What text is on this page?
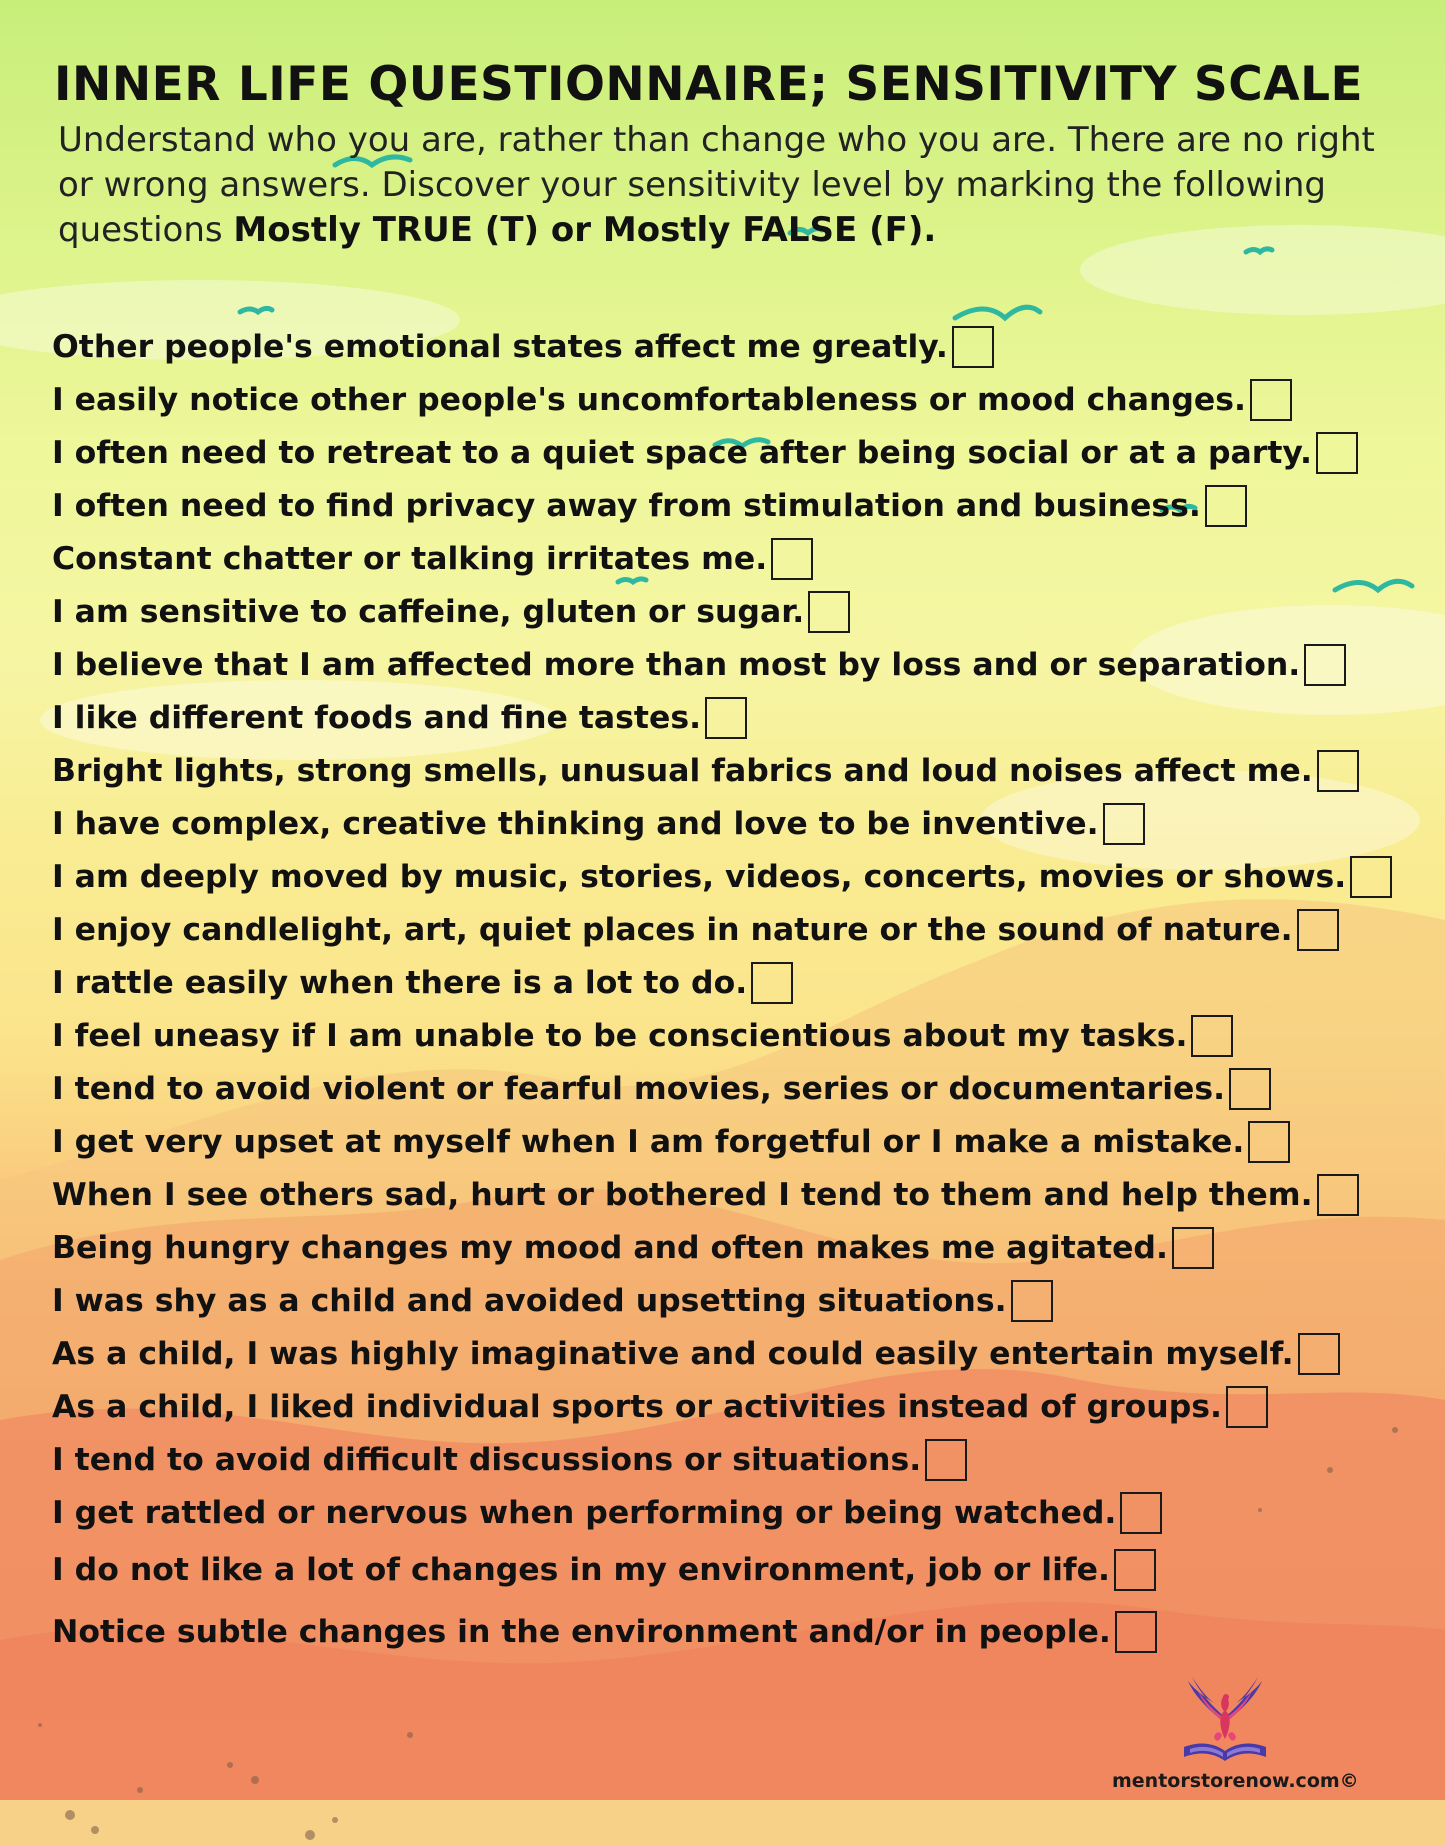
INNER LIFE QUESTIONNAIRE; SENSITIVITY SCALE

Understand who you are, rather than change who you are. There are no right or wrong answers. Discover your sensitivity level by marking the following questions Mostly TRUE (T) or Mostly FALSE (F).

Other people's emotional states affect me greatly.
I easily notice other people's uncomfortableness or mood changes.
I often need to retreat to a quiet space after being social or at a party.
I often need to find privacy away from stimulation and business.
Constant chatter or talking irritates me.
I am sensitive to caffeine, gluten or sugar.
I believe that I am affected more than most by loss and or separation.
I like different foods and fine tastes.
Bright lights, strong smells, unusual fabrics and loud noises affect me.
I have complex, creative thinking and love to be inventive.
I am deeply moved by music, stories, videos, concerts, movies or shows.
I enjoy candlelight, art, quiet places in nature or the sound of nature.
I rattle easily when there is a lot to do.
I feel uneasy if I am unable to be conscientious about my tasks.
I tend to avoid violent or fearful movies, series or documentaries.
I get very upset at myself when I am forgetful or I make a mistake.
When I see others sad, hurt or bothered I tend to them and help them.
Being hungry changes my mood and often makes me agitated.
I was shy as a child and avoided upsetting situations.
As a child, I was highly imaginative and could easily entertain myself.
As a child, I liked individual sports or activities instead of groups.
I tend to avoid difficult discussions or situations.
I get rattled or nervous when performing or being watched.
I do not like a lot of changes in my environment, job or life.
Notice subtle changes in the environment and/or in people.
mentorstorenow.com©
